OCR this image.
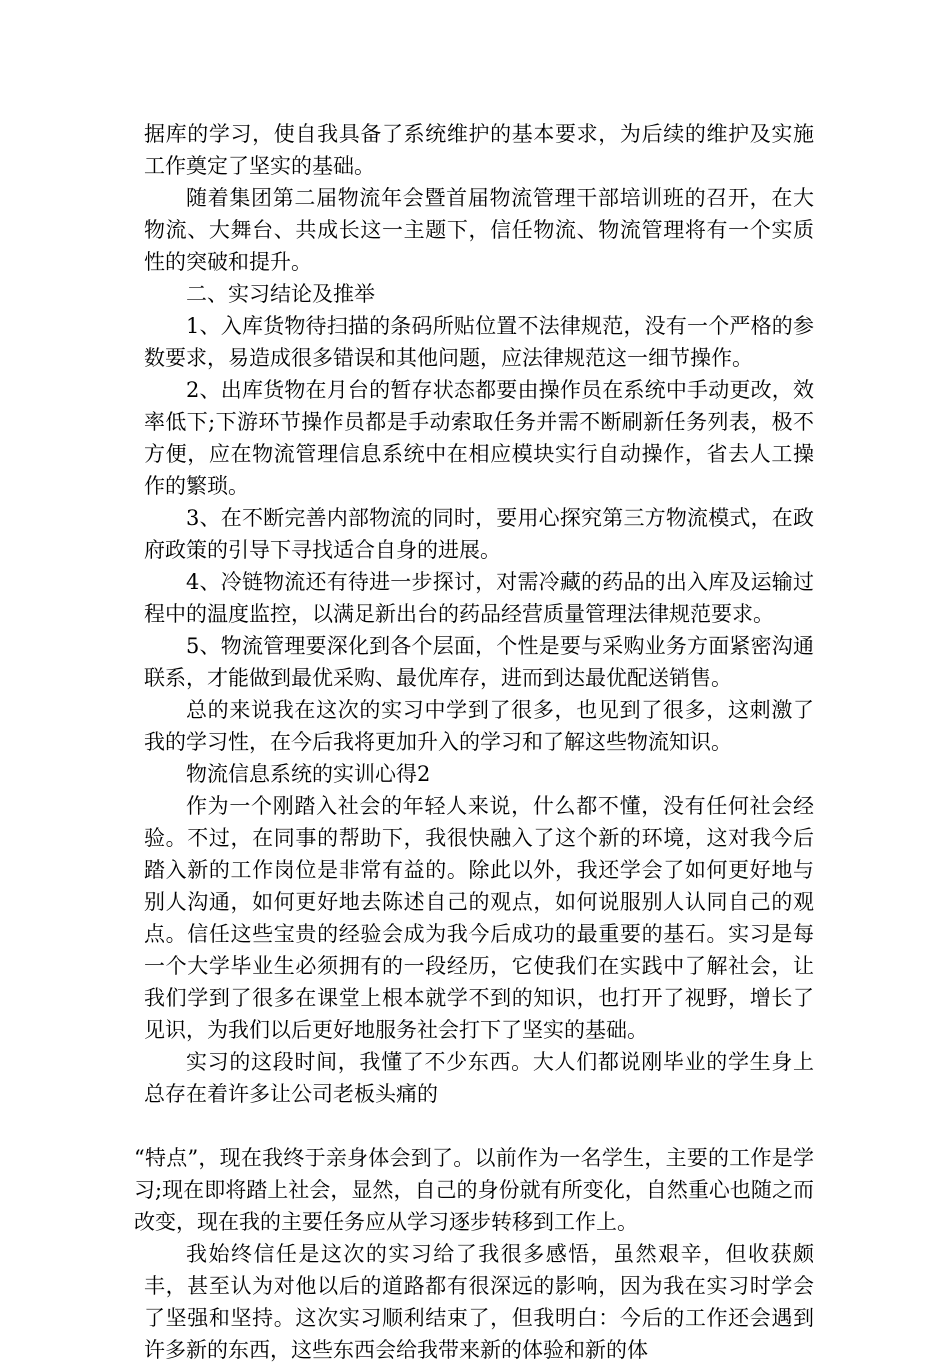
据库的学习，使自我具备了系统维护的基本要求，为后续的维护及实施工作奠定了坚实的基础。

随着集团第二届物流年会暨首届物流管理干部培训班的召开，在大物流、大舞台、共成长这一主题下，信任物流、物流管理将有一个实质性的突破和提升。

二、实习结论及推举

1、入库货物待扫描的条码所贴位置不法律规范，没有一个严格的参数要求，易造成很多错误和其他问题，应法律规范这一细节操作。

2、出库货物在月台的暂存状态都要由操作员在系统中手动更改，效率低下;下游环节操作员都是手动索取任务并需不断刷新任务列表，极不方便，应在物流管理信息系统中在相应模块实行自动操作，省去人工操作的繁琐。

3、在不断完善内部物流的同时，要用心探究第三方物流模式，在政府政策的引导下寻找适合自身的进展。

4、冷链物流还有待进一步探讨，对需冷藏的药品的出入库及运输过程中的温度监控，以满足新出台的药品经营质量管理法律规范要求。

5、物流管理要深化到各个层面，个性是要与采购业务方面紧密沟通联系，才能做到最优采购、最优库存，进而到达最优配送销售。

总的来说我在这次的实习中学到了很多，也见到了很多，这刺激了我的学习性，在今后我将更加升入的学习和了解这些物流知识。

物流信息系统的实训心得2

作为一个刚踏入社会的年轻人来说，什么都不懂，没有任何社会经验。不过，在同事的帮助下，我很快融入了这个新的环境，这对我今后踏入新的工作岗位是非常有益的。除此以外，我还学会了如何更好地与别人沟通，如何更好地去陈述自己的观点，如何说服别人认同自己的观点。信任这些宝贵的经验会成为我今后成功的最重要的基石。实习是每一个大学毕业生必须拥有的一段经历，它使我们在实践中了解社会，让我们学到了很多在课堂上根本就学不到的知识，也打开了视野，增长了见识，为我们以后更好地服务社会打下了坚实的基础。

实习的这段时间，我懂了不少东西。大人们都说刚毕业的学生身上总存在着许多让公司老板头痛的

“特点”，现在我终于亲身体会到了。以前作为一名学生，主要的工作是学习;现在即将踏上社会，显然，自己的身份就有所变化，自然重心也随之而改变，现在我的主要任务应从学习逐步转移到工作上。

我始终信任是这次的实习给了我很多感悟，虽然艰辛，但收获颇丰，甚至认为对他以后的道路都有很深远的影响，因为我在实习时学会了坚强和坚持。这次实习顺利结束了，但我明白：今后的工作还会遇到许多新的东西，这些东西会给我带来新的体验和新的体
